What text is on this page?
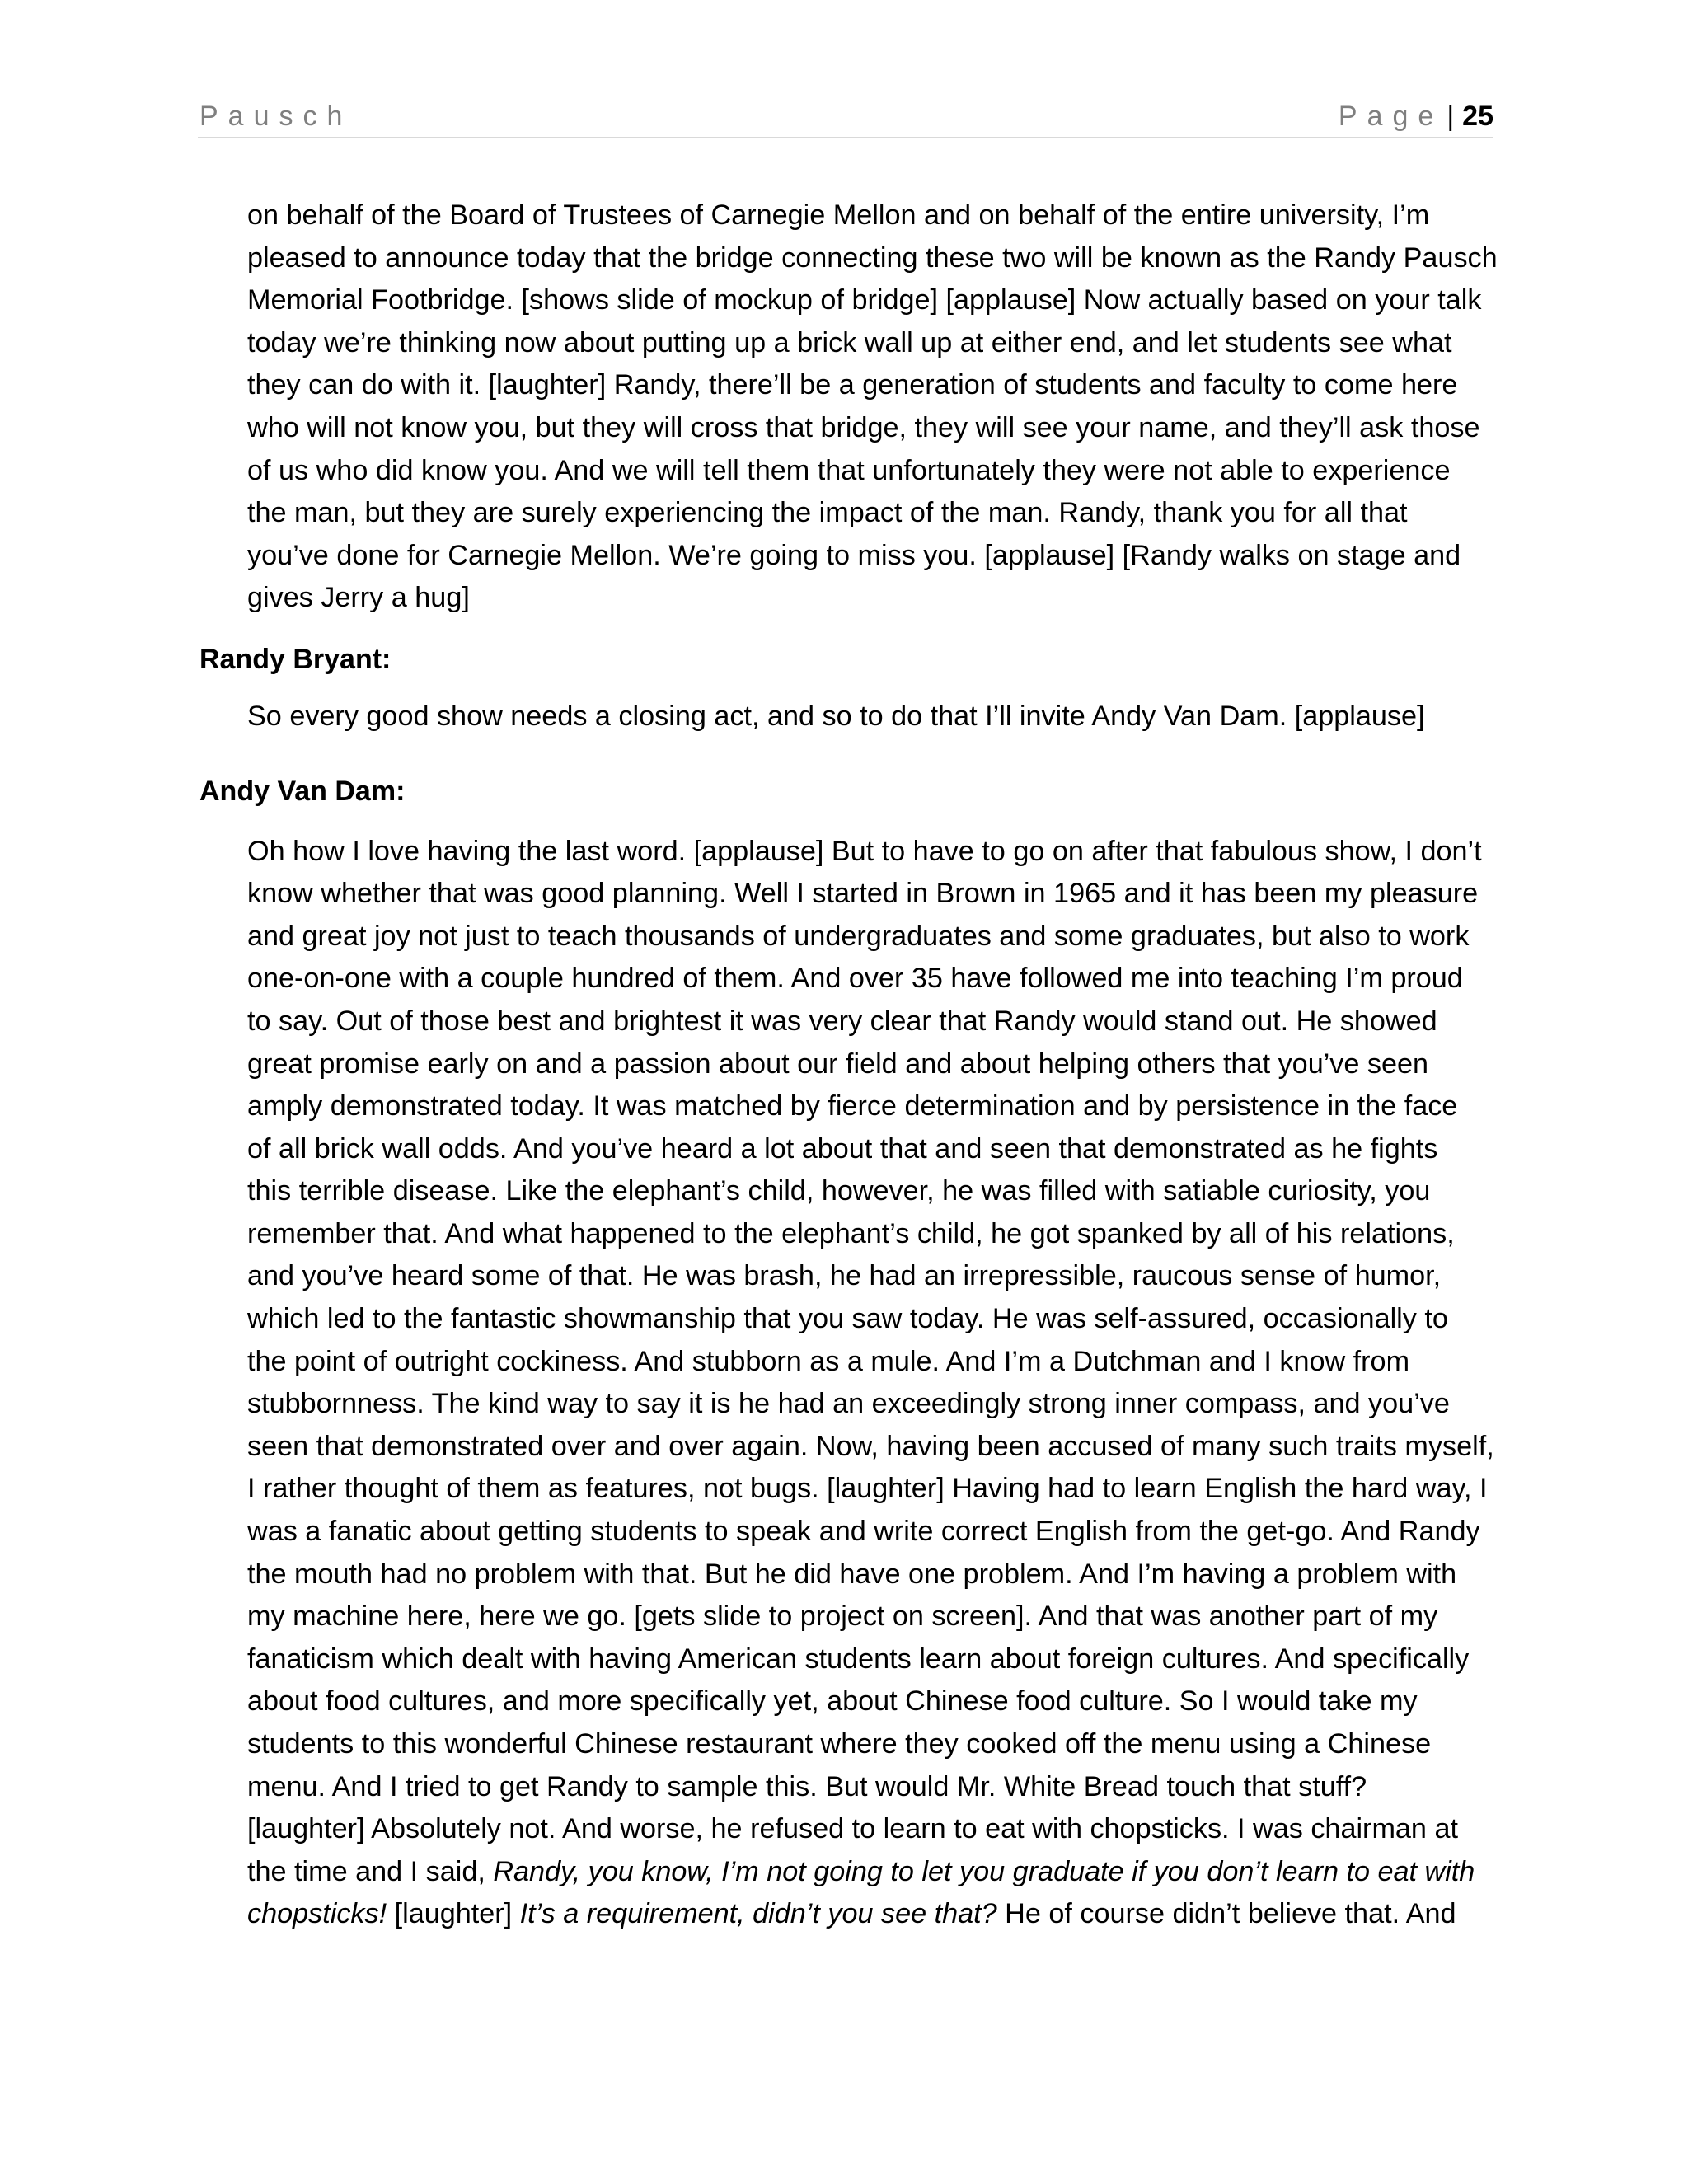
Pausch	Page | 25
on behalf of the Board of Trustees of Carnegie Mellon and on behalf of the entire university, I’m
pleased to announce today that the bridge connecting these two will be known as the Randy Pausch
Memorial Footbridge. [shows slide of mockup of bridge] [applause] Now actually based on your talk
today we’re thinking now about putting up a brick wall up at either end, and let students see what
they can do with it. [laughter] Randy, there’ll be a generation of students and faculty to come here
who will not know you, but they will cross that bridge, they will see your name, and they’ll ask those
of us who did know you. And we will tell them that unfortunately they were not able to experience
the man, but they are surely experiencing the impact of the man. Randy, thank you for all that
you’ve done for Carnegie Mellon. We’re going to miss you. [applause] [Randy walks on stage and
gives Jerry a hug]
Randy Bryant:
So every good show needs a closing act, and so to do that I’ll invite Andy Van Dam. [applause]
Andy Van Dam:
Oh how I love having the last word. [applause] But to have to go on after that fabulous show, I don’t
know whether that was good planning. Well I started in Brown in 1965 and it has been my pleasure
and great joy not just to teach thousands of undergraduates and some graduates, but also to work
one-on-one with a couple hundred of them. And over 35 have followed me into teaching I’m proud
to say. Out of those best and brightest it was very clear that Randy would stand out. He showed
great promise early on and a passion about our field and about helping others that you’ve seen
amply demonstrated today. It was matched by fierce determination and by persistence in the face
of all brick wall odds. And you’ve heard a lot about that and seen that demonstrated as he fights
this terrible disease. Like the elephant’s child, however, he was filled with satiable curiosity, you
remember that. And what happened to the elephant’s child, he got spanked by all of his relations,
and you’ve heard some of that. He was brash, he had an irrepressible, raucous sense of humor,
which led to the fantastic showmanship that you saw today. He was self-assured, occasionally to
the point of outright cockiness. And stubborn as a mule. And I’m a Dutchman and I know from
stubbornness. The kind way to say it is he had an exceedingly strong inner compass, and you’ve
seen that demonstrated over and over again. Now, having been accused of many such traits myself,
I rather thought of them as features, not bugs. [laughter] Having had to learn English the hard way, I
was a fanatic about getting students to speak and write correct English from the get-go. And Randy
the mouth had no problem with that. But he did have one problem. And I’m having a problem with
my machine here, here we go. [gets slide to project on screen]. And that was another part of my
fanaticism which dealt with having American students learn about foreign cultures. And specifically
about food cultures, and more specifically yet, about Chinese food culture. So I would take my
students to this wonderful Chinese restaurant where they cooked off the menu using a Chinese
menu. And I tried to get Randy to sample this. But would Mr. White Bread touch that stuff?
[laughter] Absolutely not. And worse, he refused to learn to eat with chopsticks. I was chairman at
the time and I said, Randy, you know, I’m not going to let you graduate if you don’t learn to eat with
chopsticks! [laughter] It’s a requirement, didn’t you see that? He of course didn’t believe that. And
